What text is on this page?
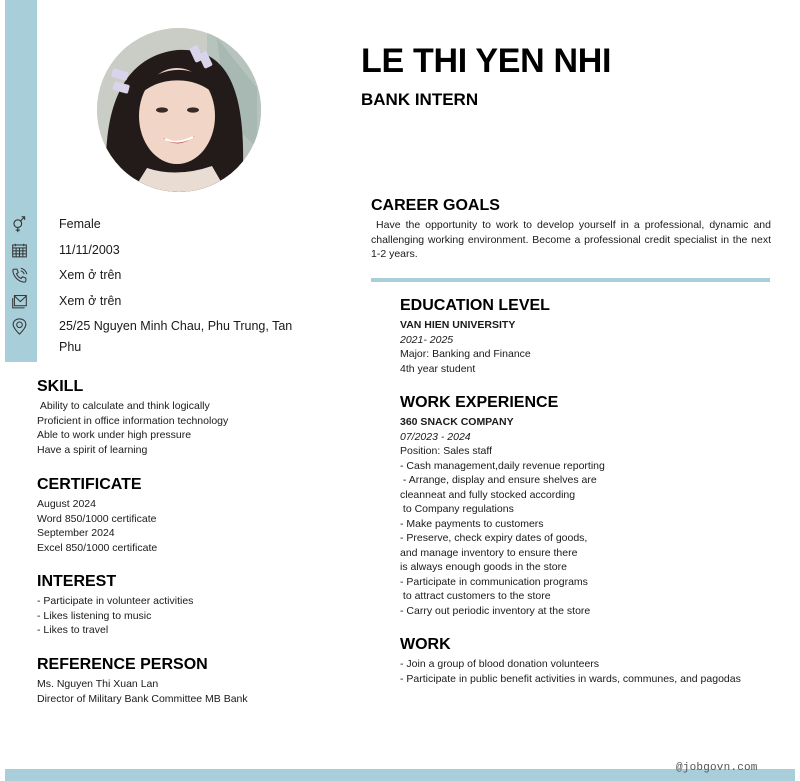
LE THI YEN NHI
BANK INTERN
Female
11/11/2003
Xem ở trên
Xem ở trên
25/25 Nguyen Minh Chau, Phu Trung, Tan Phu
SKILL
Ability to calculate and think logically
Proficient in office information technology
Able to work under high pressure
Have a spirit of learning
CERTIFICATE
August 2024
Word 850/1000 certificate
September 2024
Excel 850/1000 certificate
INTEREST
- Participate in volunteer activities
- Likes listening to music
- Likes to travel
REFERENCE PERSON
Ms. Nguyen Thi Xuan Lan
Director of Military Bank Committee MB Bank
CAREER GOALS
Have the opportunity to work to develop yourself in a professional, dynamic and challenging working environment. Become a professional credit specialist in the next 1-2 years.
EDUCATION LEVEL
VAN HIEN UNIVERSITY
2021- 2025
Major: Banking and Finance
4th year student
WORK EXPERIENCE
360 SNACK COMPANY
07/2023 - 2024
Position: Sales staff
- Cash management,daily revenue reporting
- Arrange, display and ensure shelves are
cleanneat and fully stocked according
to Company regulations
- Make payments to customers
- Preserve, check expiry dates of goods,
and manage inventory to ensure there
is always enough goods in the store
- Participate in communication programs
to attract customers to the store
- Carry out periodic inventory at the store
WORK
- Join a group of blood donation volunteers
- Participate in public benefit activities in wards, communes, and pagodas
@jobgovn.com
